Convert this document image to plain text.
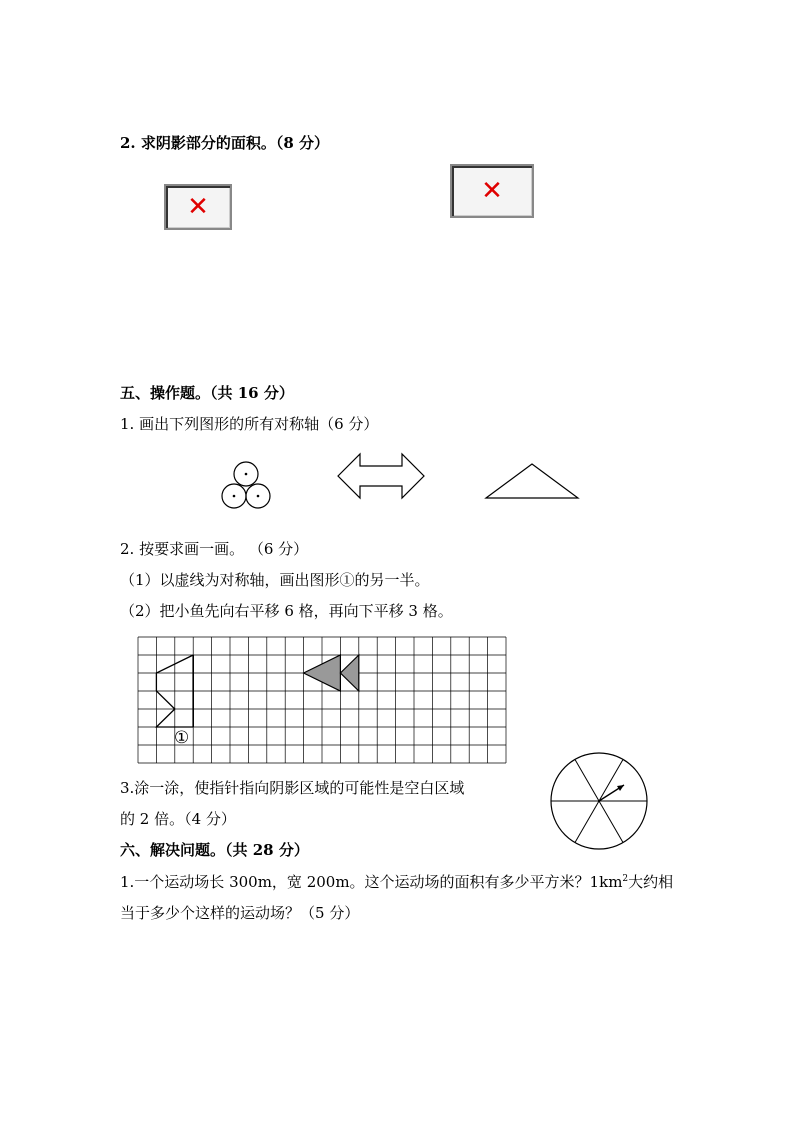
2. 求阴影部分的面积。（8 分）
✕
✕
五、操作题。（共 16 分）
1. 画出下列图形的所有对称轴（6 分）
2. 按要求画一画。 （6 分）
（1）以虚线为对称轴，画出图形①的另一半。
（2）把小鱼先向右平移 6 格，再向下平移 3 格。
①
3.涂一涂，使指针指向阴影区域的可能性是空白区域
的 2 倍。（4 分）
六、解决问题。（共 28 分）
1.一个运动场长 300m，宽 200m。这个运动场的面积有多少平方米？$1km^2$大约相
当于多少个这样的运动场？（5 分）
